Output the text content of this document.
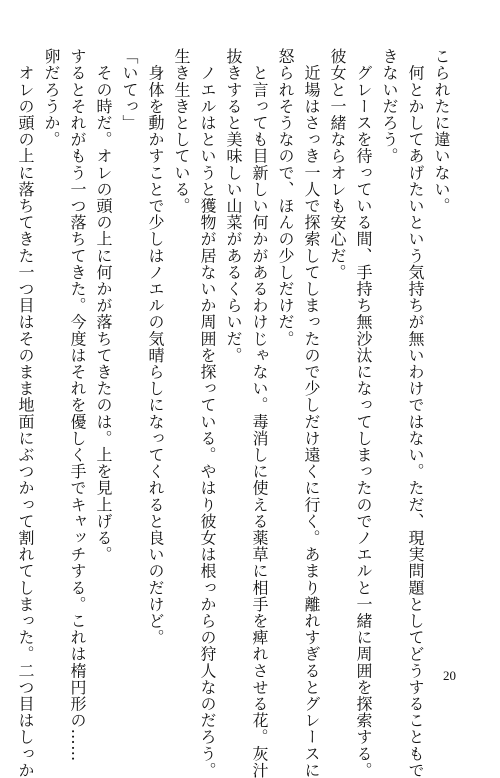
こられたに違いない。
　何とかしてあげたいという気持ちが無いわけではない。ただ、現実問題としてどうすることもで
きないだろう。
　グレースを待っている間、手持ち無沙汰になってしまったのでノエルと一緒に周囲を探索する。
彼女と一緒ならオレも安心だ。
　近場はさっき一人で探索してしまったので少しだけ遠くに行く。あまり離れすぎるとグレースに
怒られそうなので、ほんの少しだけだ。
　と言っても目新しい何かがあるわけじゃない。毒消しに使える薬草に相手を痺れさせる花。灰汁
抜きすると美味しい山菜があるくらいだ。
　ノエルはというと獲物が居ないか周囲を探っている。やはり彼女は根っからの狩人なのだろう。
生き生きとしている。
　身体を動かすことで少しはノエルの気晴らしになってくれると良いのだけど。
「いてっ」
　その時だ。オレの頭の上に何かが落ちてきたのは。上を見上げる。
するとそれがもう一つ落ちてきた。今度はそれを優しく手でキャッチする。これは楕円形の……
卵だろうか。
　オレの頭の上に落ちてきた一つ目はそのまま地面にぶつかって割れてしまった。二つ目はしっか	20
